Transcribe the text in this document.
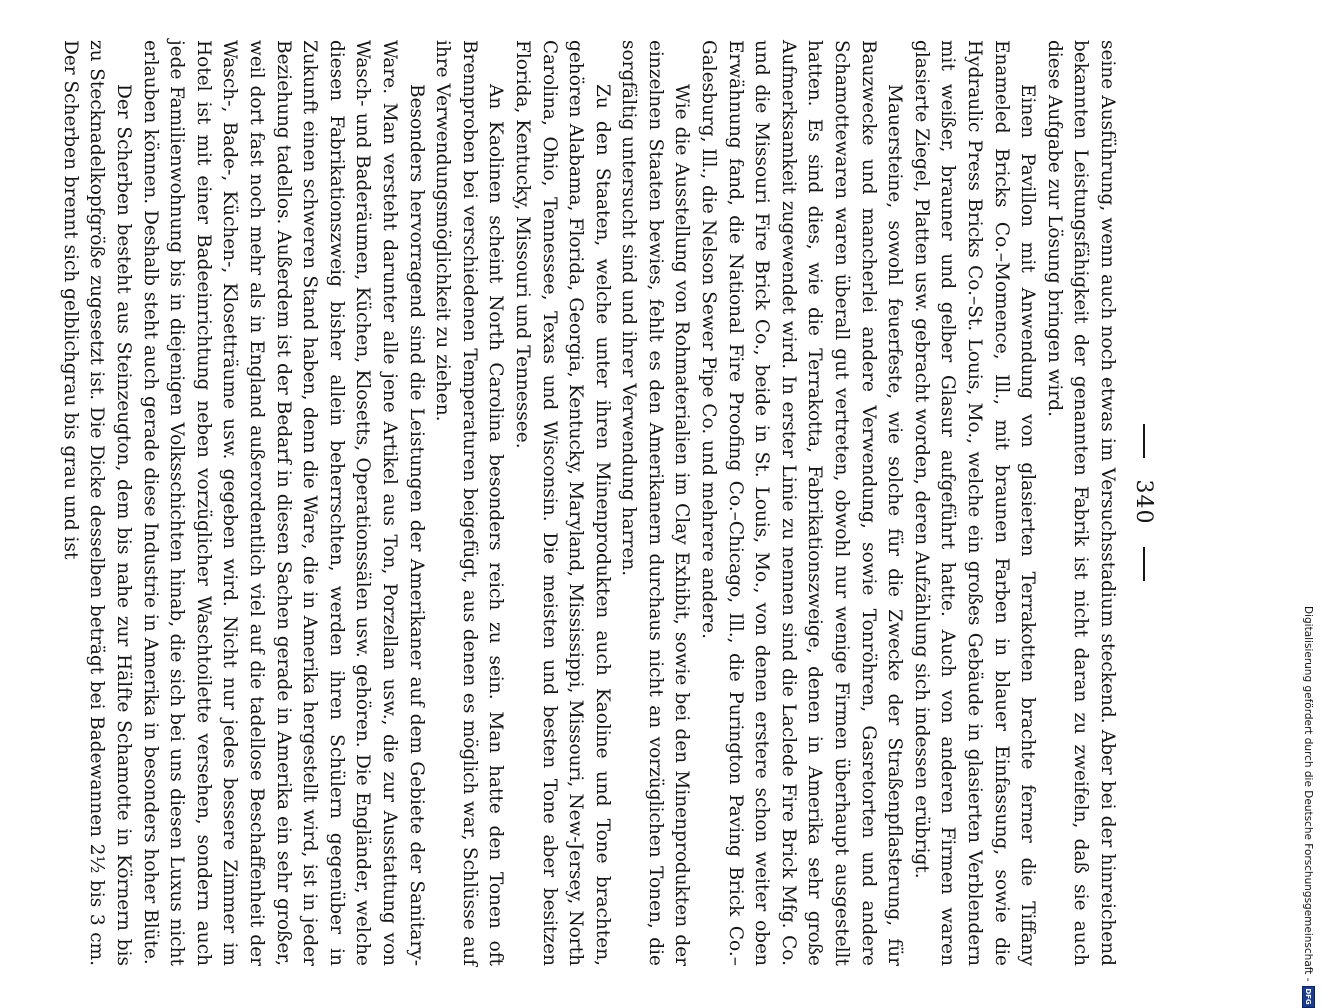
340

seine Ausführung, wenn auch noch etwas im Versuchsstadium steckend. Aber bei der hinreichend bekannten Leistungsfähigkeit der genannten Fabrik ist nicht daran zu zweifeln, daß sie auch diese Aufgabe zur Lösung bringen wird.

Einen Pavillon mit Anwendung von glasierten Terrakotten brachte ferner die Tiffany Enameled Bricks Co.–Momence, Ill., mit braunen Farben in blauer Einfassung, sowie die Hydraulic Press Bricks Co.–St. Louis, Mo., welche ein großes Gebäude in glasierten Verblendern mit weißer, brauner und gelber Glasur aufgeführt hatte. Auch von anderen Firmen waren glasierte Ziegel, Platten usw. gebracht worden, deren Aufzählung sich indessen erübrigt.

Mauersteine, sowohl feuerfeste, wie solche für die Zwecke der Straßenpflasterung, für Bauzwecke und mancherlei andere Verwendung, sowie Tonröhren, Gasretorten und andere Schamottewaren waren überall gut vertreten, obwohl nur wenige Firmen überhaupt ausgestellt hatten. Es sind dies, wie die Terrakotta, Fabrikationszweige, denen in Amerika sehr große Aufmerksamkeit zugewendet wird. In erster Linie zu nennen sind die Laclede Fire Brick Mfg. Co. und die Missouri Fire Brick Co., beide in St. Louis, Mo., von denen erstere schon weiter oben Erwähnung fand, die National Fire Proofing Co.–Chicago, Ill., die Purington Paving Brick Co.–Galesburg, Ill., die Nelson Sewer Pipe Co. und mehrere andere.

Wie die Ausstellung von Rohmaterialien im Clay Exhibit, sowie bei den Minenprodukten der einzelnen Staaten bewies, fehlt es den Amerikanern durchaus nicht an vorzüglichen Tonen, die sorgfältig untersucht sind und ihrer Verwendung harren.

Zu den Staaten, welche unter ihren Minenprodukten auch Kaoline und Tone brachten, gehören Alabama, Florida, Georgia, Kentucky, Maryland, Mississippi, Missouri, New-Jersey, North Carolina, Ohio, Tennessee, Texas und Wisconsin. Die meisten und besten Tone aber besitzen Florida, Kentucky, Missouri und Tennessee.

An Kaolinen scheint North Carolina besonders reich zu sein. Man hatte den Tonen oft Brennproben bei verschiedenen Temperaturen beigefügt, aus denen es möglich war, Schlüsse auf ihre Verwendungsmöglichkeit zu ziehen.

Besonders hervorragend sind die Leistungen der Amerikaner auf dem Gebiete der Sanitary-Ware. Man versteht darunter alle jene Artikel aus Ton, Porzellan usw., die zur Ausstattung von Wasch- und Baderäumen, Küchen, Klosetts, Operationssälen usw. gehören. Die Engländer, welche diesen Fabrikationszweig bisher allein beherrschten, werden ihren Schülern gegenüber in Zukunft einen schweren Stand haben, denn die Ware, die in Amerika hergestellt wird, ist in jeder Beziehung tadellos. Außerdem ist der Bedarf in diesen Sachen gerade in Amerika ein sehr großer, weil dort fast noch mehr als in England außerordentlich viel auf die tadellose Beschaffenheit der Wasch-, Bade-, Küchen-, Klosetträume usw. gegeben wird. Nicht nur jedes bessere Zimmer im Hotel ist mit einer Badeeinrichtung neben vorzüglicher Waschtoilette versehen, sondern auch jede Familienwohnung bis in diejenigen Volksschichten hinab, die sich bei uns diesen Luxus nicht erlauben können. Deshalb steht auch gerade diese Industrie in Amerika in besonders hoher Blüte.

Der Scherben besteht aus Steinzeugton, dem bis nahe zur Hälfte Schamotte in Körnern bis zu Stecknadelkopfgröße zugesetzt ist. Die Dicke desselben beträgt bei Badewannen 2½ bis 3 cm. Der Scherben brennt sich gelblichgrau bis grau und ist

Digitalisierung gefördert durch die Deutsche Forschungsgemeinschaft -
DFG
